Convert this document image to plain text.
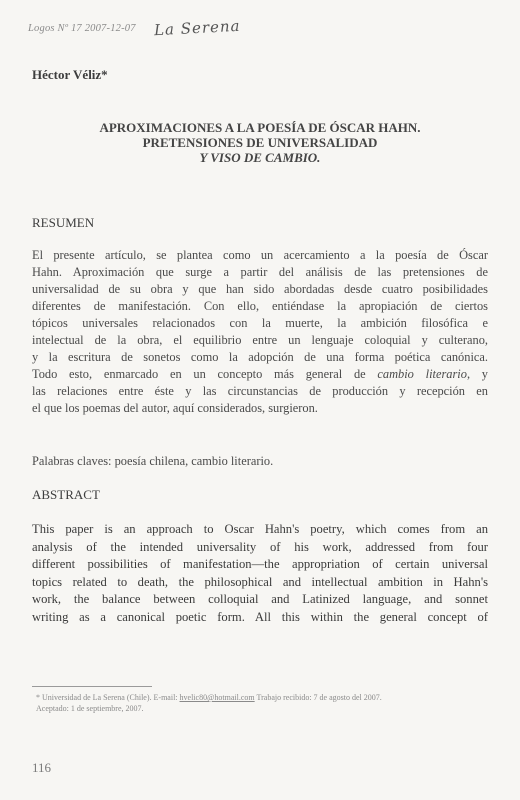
Logos Nº 17 2007-12-07 La Serena
Héctor Véliz*
APROXIMACIONES A LA POESÍA DE ÓSCAR HAHN.
PRETENSIONES DE UNIVERSALIDAD
Y VISO DE CAMBIO.
RESUMEN
El presente artículo, se plantea como un acercamiento a la poesía de Óscar
Hahn. Aproximación que surge a partir del análisis de las pretensiones de
universalidad de su obra y que han sido abordadas desde cuatro posibilidades
diferentes de manifestación. Con ello, entiéndase la apropiación de ciertos
tópicos universales relacionados con la muerte, la ambición filosófica e
intelectual de la obra, el equilibrio entre un lenguaje coloquial y culterano,
y la escritura de sonetos como la adopción de una forma poética canónica.
Todo esto, enmarcado en un concepto más general de cambio literario, y
las relaciones entre éste y las circunstancias de producción y recepción en
el que los poemas del autor, aquí considerados, surgieron.
Palabras claves: poesía chilena, cambio literario.
ABSTRACT
This paper is an approach to Oscar Hahn's poetry, which comes from an
analysis of the intended universality of his work, addressed from four
different possibilities of manifestation—the appropriation of certain universal
topics related to death, the philosophical and intellectual ambition in Hahn's
work, the balance between colloquial and Latinized language, and sonnet
writing as a canonical poetic form. All this within the general concept of
* Universidad de La Serena (Chile). E-mail: hvelic80@hotmail.com Trabajo recibido: 7 de agosto del 2007.
Aceptado: 1 de septiembre, 2007.
116
